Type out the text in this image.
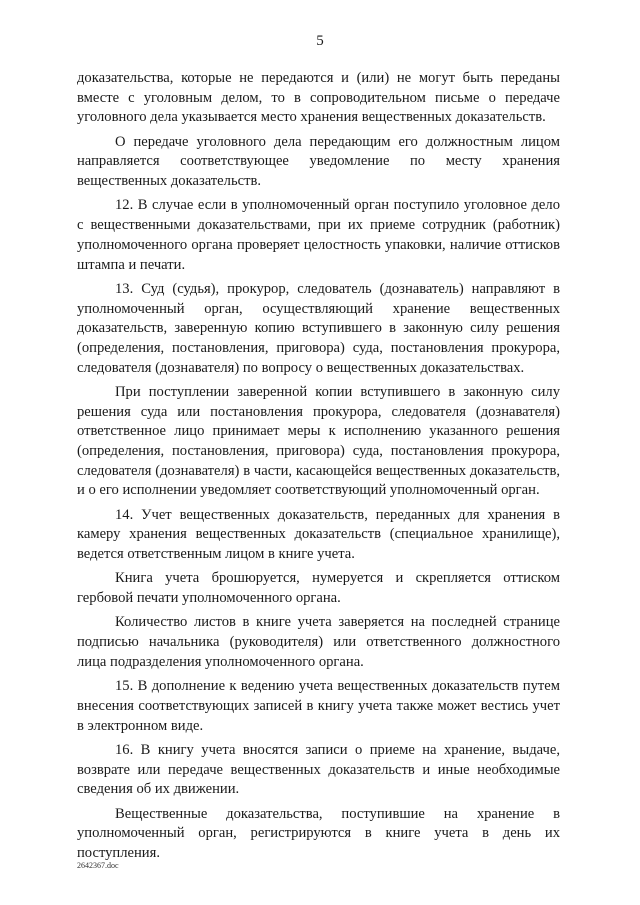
5

доказательства, которые не передаются и (или) не могут быть переданы вместе с уголовным делом, то в сопроводительном письме о передаче уголовного дела указывается место хранения вещественных доказательств.

О передаче уголовного дела передающим его должностным лицом направляется соответствующее уведомление по месту хранения вещественных доказательств.

12. В случае если в уполномоченный орган поступило уголовное дело с вещественными доказательствами, при их приеме сотрудник (работник) уполномоченного органа проверяет целостность упаковки, наличие оттисков штампа и печати.

13. Суд (судья), прокурор, следователь (дознаватель) направляют в уполномоченный орган, осуществляющий хранение вещественных доказательств, заверенную копию вступившего в законную силу решения (определения, постановления, приговора) суда, постановления прокурора, следователя (дознавателя) по вопросу о вещественных доказательствах.

При поступлении заверенной копии вступившего в законную силу решения суда или постановления прокурора, следователя (дознавателя) ответственное лицо принимает меры к исполнению указанного решения (определения, постановления, приговора) суда, постановления прокурора, следователя (дознавателя) в части, касающейся вещественных доказательств, и о его исполнении уведомляет соответствующий уполномоченный орган.

14. Учет вещественных доказательств, переданных для хранения в камеру хранения вещественных доказательств (специальное хранилище), ведется ответственным лицом в книге учета.

Книга учета брошюруется, нумеруется и скрепляется оттиском гербовой печати уполномоченного органа.

Количество листов в книге учета заверяется на последней странице подписью начальника (руководителя) или ответственного должностного лица подразделения уполномоченного органа.

15. В дополнение к ведению учета вещественных доказательств путем внесения соответствующих записей в книгу учета также может вестись учет в электронном виде.

16. В книгу учета вносятся записи о приеме на хранение, выдаче, возврате или передаче вещественных доказательств и иные необходимые сведения об их движении.

Вещественные доказательства, поступившие на хранение в уполномоченный орган, регистрируются в книге учета в день их поступления.

2642367.doc
